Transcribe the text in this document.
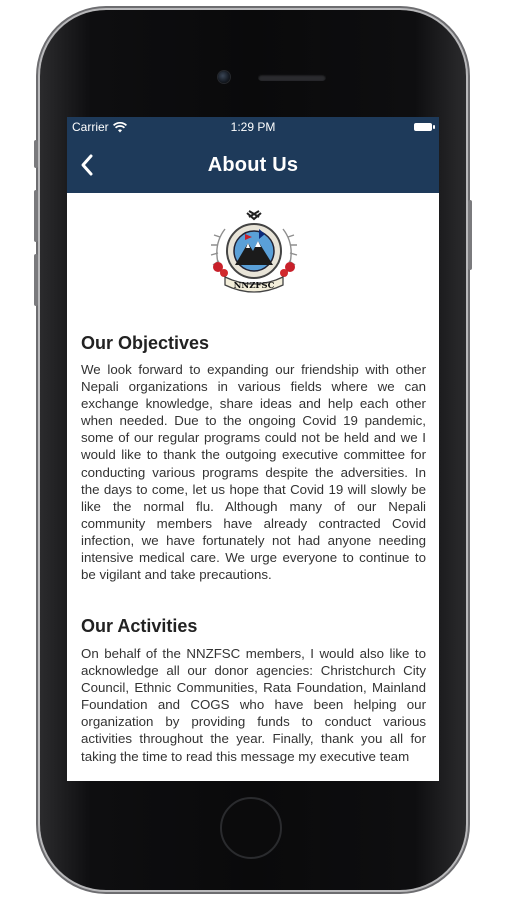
Carrier	1:29 PM
About Us
NNZFSC
Our Objectives
We look forward to expanding our friendship with other Nepali organizations in various fields where we can exchange knowledge, share ideas and help each other when needed. Due to the ongoing Covid 19 pandemic, some of our regular programs could not be held and we I would like to thank the outgoing executive committee for conducting various programs despite the adversities. In the days to come, let us hope that Covid 19 will slowly be like the normal flu. Although many of our Nepali community members have already contracted Covid infection, we have fortunately not had anyone needing intensive medical care. We urge everyone to continue to be vigilant and take precautions.
Our Activities
On behalf of the NNZFSC members, I would also like to acknowledge all our donor agencies: Christchurch City Council, Ethnic Communities, Rata Foundation, Mainland Foundation and COGS who have been helping our organization by providing funds to conduct various activities throughout the year. Finally, thank you all for taking the time to read this message my executive team
